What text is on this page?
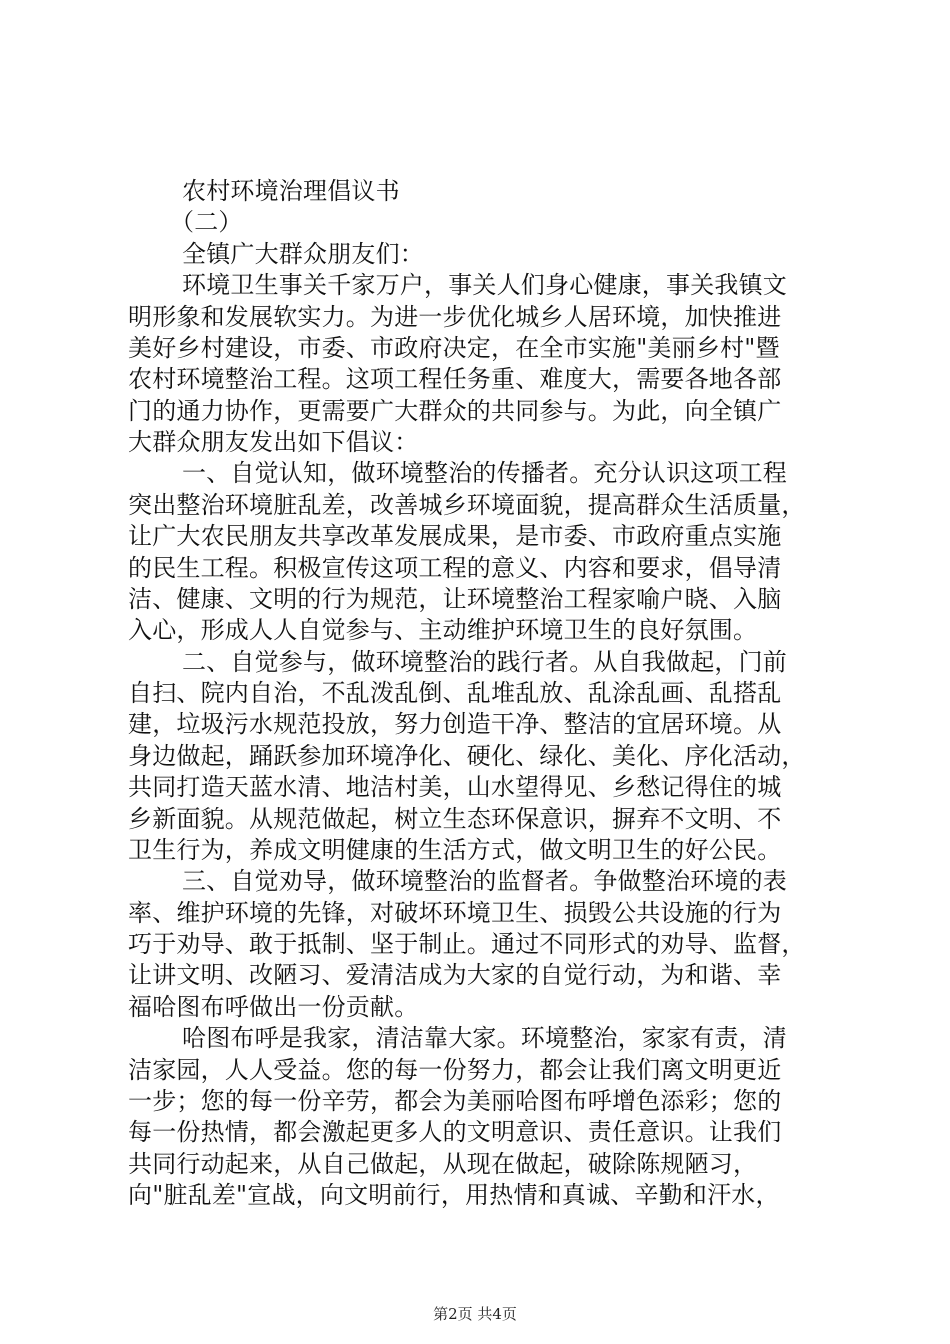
农村环境治理倡议书
（二）
全镇广大群众朋友们：
环境卫生事关千家万户，事关人们身心健康，事关我镇文
明形象和发展软实力。为进一步优化城乡人居环境，加快推进
美好乡村建设，市委、市政府决定，在全市实施"美丽乡村"暨
农村环境整治工程。这项工程任务重、难度大，需要各地各部
门的通力协作，更需要广大群众的共同参与。为此，向全镇广
大群众朋友发出如下倡议：
一、自觉认知，做环境整治的传播者。充分认识这项工程
突出整治环境脏乱差，改善城乡环境面貌，提高群众生活质量，
让广大农民朋友共享改革发展成果，是市委、市政府重点实施
的民生工程。积极宣传这项工程的意义、内容和要求，倡导清
洁、健康、文明的行为规范，让环境整治工程家喻户晓、入脑
入心，形成人人自觉参与、主动维护环境卫生的良好氛围。
二、自觉参与，做环境整治的践行者。从自我做起，门前
自扫、院内自治，不乱泼乱倒、乱堆乱放、乱涂乱画、乱搭乱
建，垃圾污水规范投放，努力创造干净、整洁的宜居环境。从
身边做起，踊跃参加环境净化、硬化、绿化、美化、序化活动，
共同打造天蓝水清、地洁村美，山水望得见、乡愁记得住的城
乡新面貌。从规范做起，树立生态环保意识，摒弃不文明、不
卫生行为，养成文明健康的生活方式，做文明卫生的好公民。
三、自觉劝导，做环境整治的监督者。争做整治环境的表
率、维护环境的先锋，对破坏环境卫生、损毁公共设施的行为
巧于劝导、敢于抵制、坚于制止。通过不同形式的劝导、监督，
让讲文明、改陋习、爱清洁成为大家的自觉行动，为和谐、幸
福哈图布呼做出一份贡献。
哈图布呼是我家，清洁靠大家。环境整治，家家有责，清
洁家园，人人受益。您的每一份努力，都会让我们离文明更近
一步；您的每一份辛劳，都会为美丽哈图布呼增色添彩；您的
每一份热情，都会激起更多人的文明意识、责任意识。让我们
共同行动起来，从自己做起，从现在做起，破除陈规陋习，
向"脏乱差"宣战，向文明前行，用热情和真诚、辛勤和汗水，
第2页 共4页
